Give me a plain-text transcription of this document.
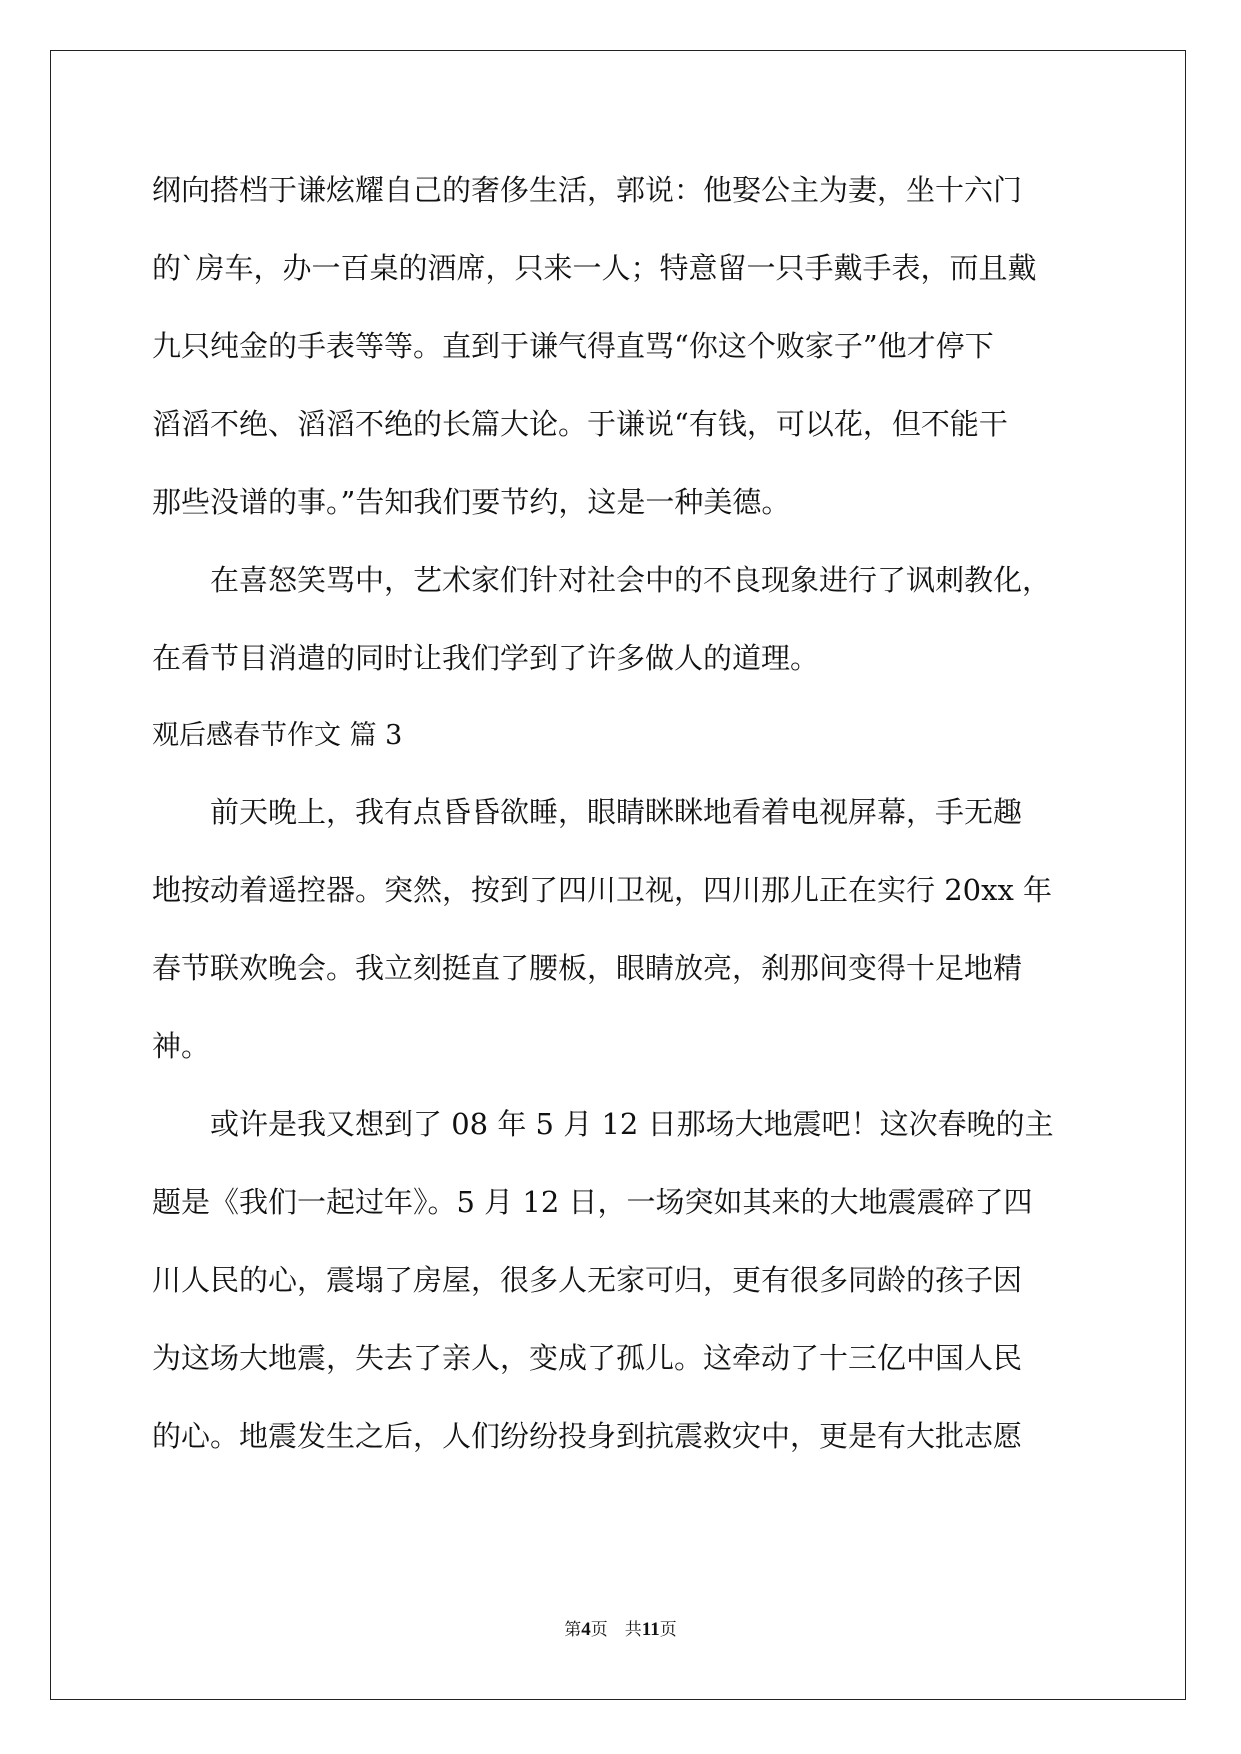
纲向搭档于谦炫耀自己的奢侈生活，郭说：他娶公主为妻，坐十六门

的`房车，办一百桌的酒席，只来一人；特意留一只手戴手表，而且戴

九只纯金的手表等等。直到于谦气得直骂“你这个败家子”他才停下

滔滔不绝、滔滔不绝的长篇大论。于谦说“有钱，可以花，但不能干

那些没谱的事。”告知我们要节约，这是一种美德。

在喜怒笑骂中，艺术家们针对社会中的不良现象进行了讽刺教化，

在看节目消遣的同时让我们学到了许多做人的道理。

观后感春节作文 篇 3

前天晚上，我有点昏昏欲睡，眼睛眯眯地看着电视屏幕，手无趣

地按动着遥控器。突然，按到了四川卫视，四川那儿正在实行 20xx 年

春节联欢晚会。我立刻挺直了腰板，眼睛放亮，刹那间变得十足地精

神。

或许是我又想到了 08 年 5 月 12 日那场大地震吧！这次春晚的主

题是《我们一起过年》。5 月 12 日，一场突如其来的大地震震碎了四

川人民的心，震塌了房屋，很多人无家可归，更有很多同龄的孩子因

为这场大地震，失去了亲人，变成了孤儿。这牵动了十三亿中国人民

的心。地震发生之后，人们纷纷投身到抗震救灾中，更是有大批志愿

第4页　共11页
